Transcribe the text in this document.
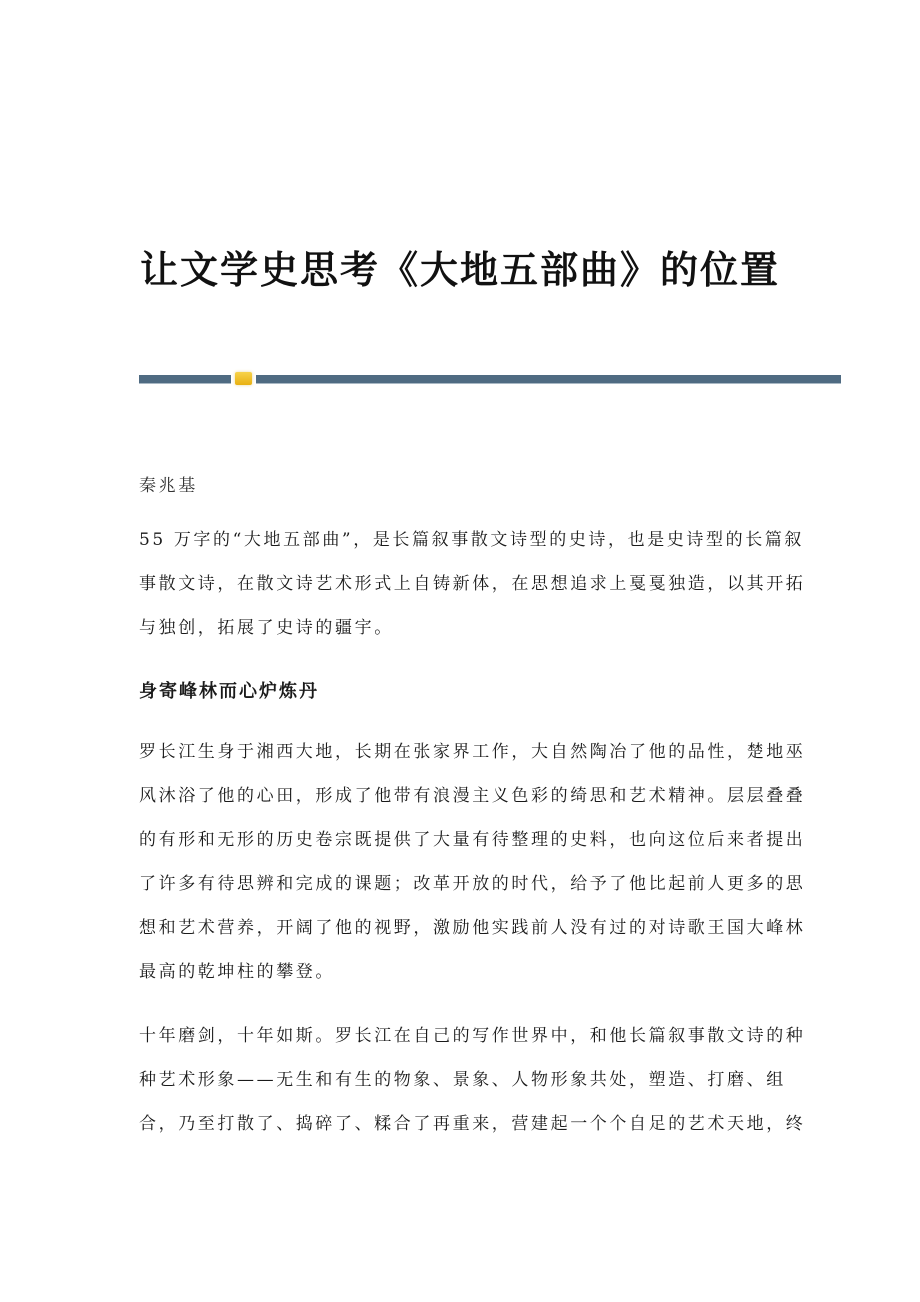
让文学史思考《大地五部曲》的位置
秦兆基
55 万字的“大地五部曲”，是长篇叙事散文诗型的史诗，也是史诗型的长篇叙
事散文诗，在散文诗艺术形式上自铸新体，在思想追求上戛戛独造，以其开拓
与独创，拓展了史诗的疆宇。
身寄峰林而心炉炼丹
罗长江生身于湘西大地，长期在张家界工作，大自然陶冶了他的品性，楚地巫
风沐浴了他的心田，形成了他带有浪漫主义色彩的绮思和艺术精神。层层叠叠
的有形和无形的历史卷宗既提供了大量有待整理的史料，也向这位后来者提出
了许多有待思辨和完成的课题；改革开放的时代，给予了他比起前人更多的思
想和艺术营养，开阔了他的视野，激励他实践前人没有过的对诗歌王国大峰林
最高的乾坤柱的攀登。
十年磨剑，十年如斯。罗长江在自己的写作世界中，和他长篇叙事散文诗的种
种艺术形象——无生和有生的物象、景象、人物形象共处，塑造、打磨、组
合，乃至打散了、捣碎了、糅合了再重来，营建起一个个自足的艺术天地，终
